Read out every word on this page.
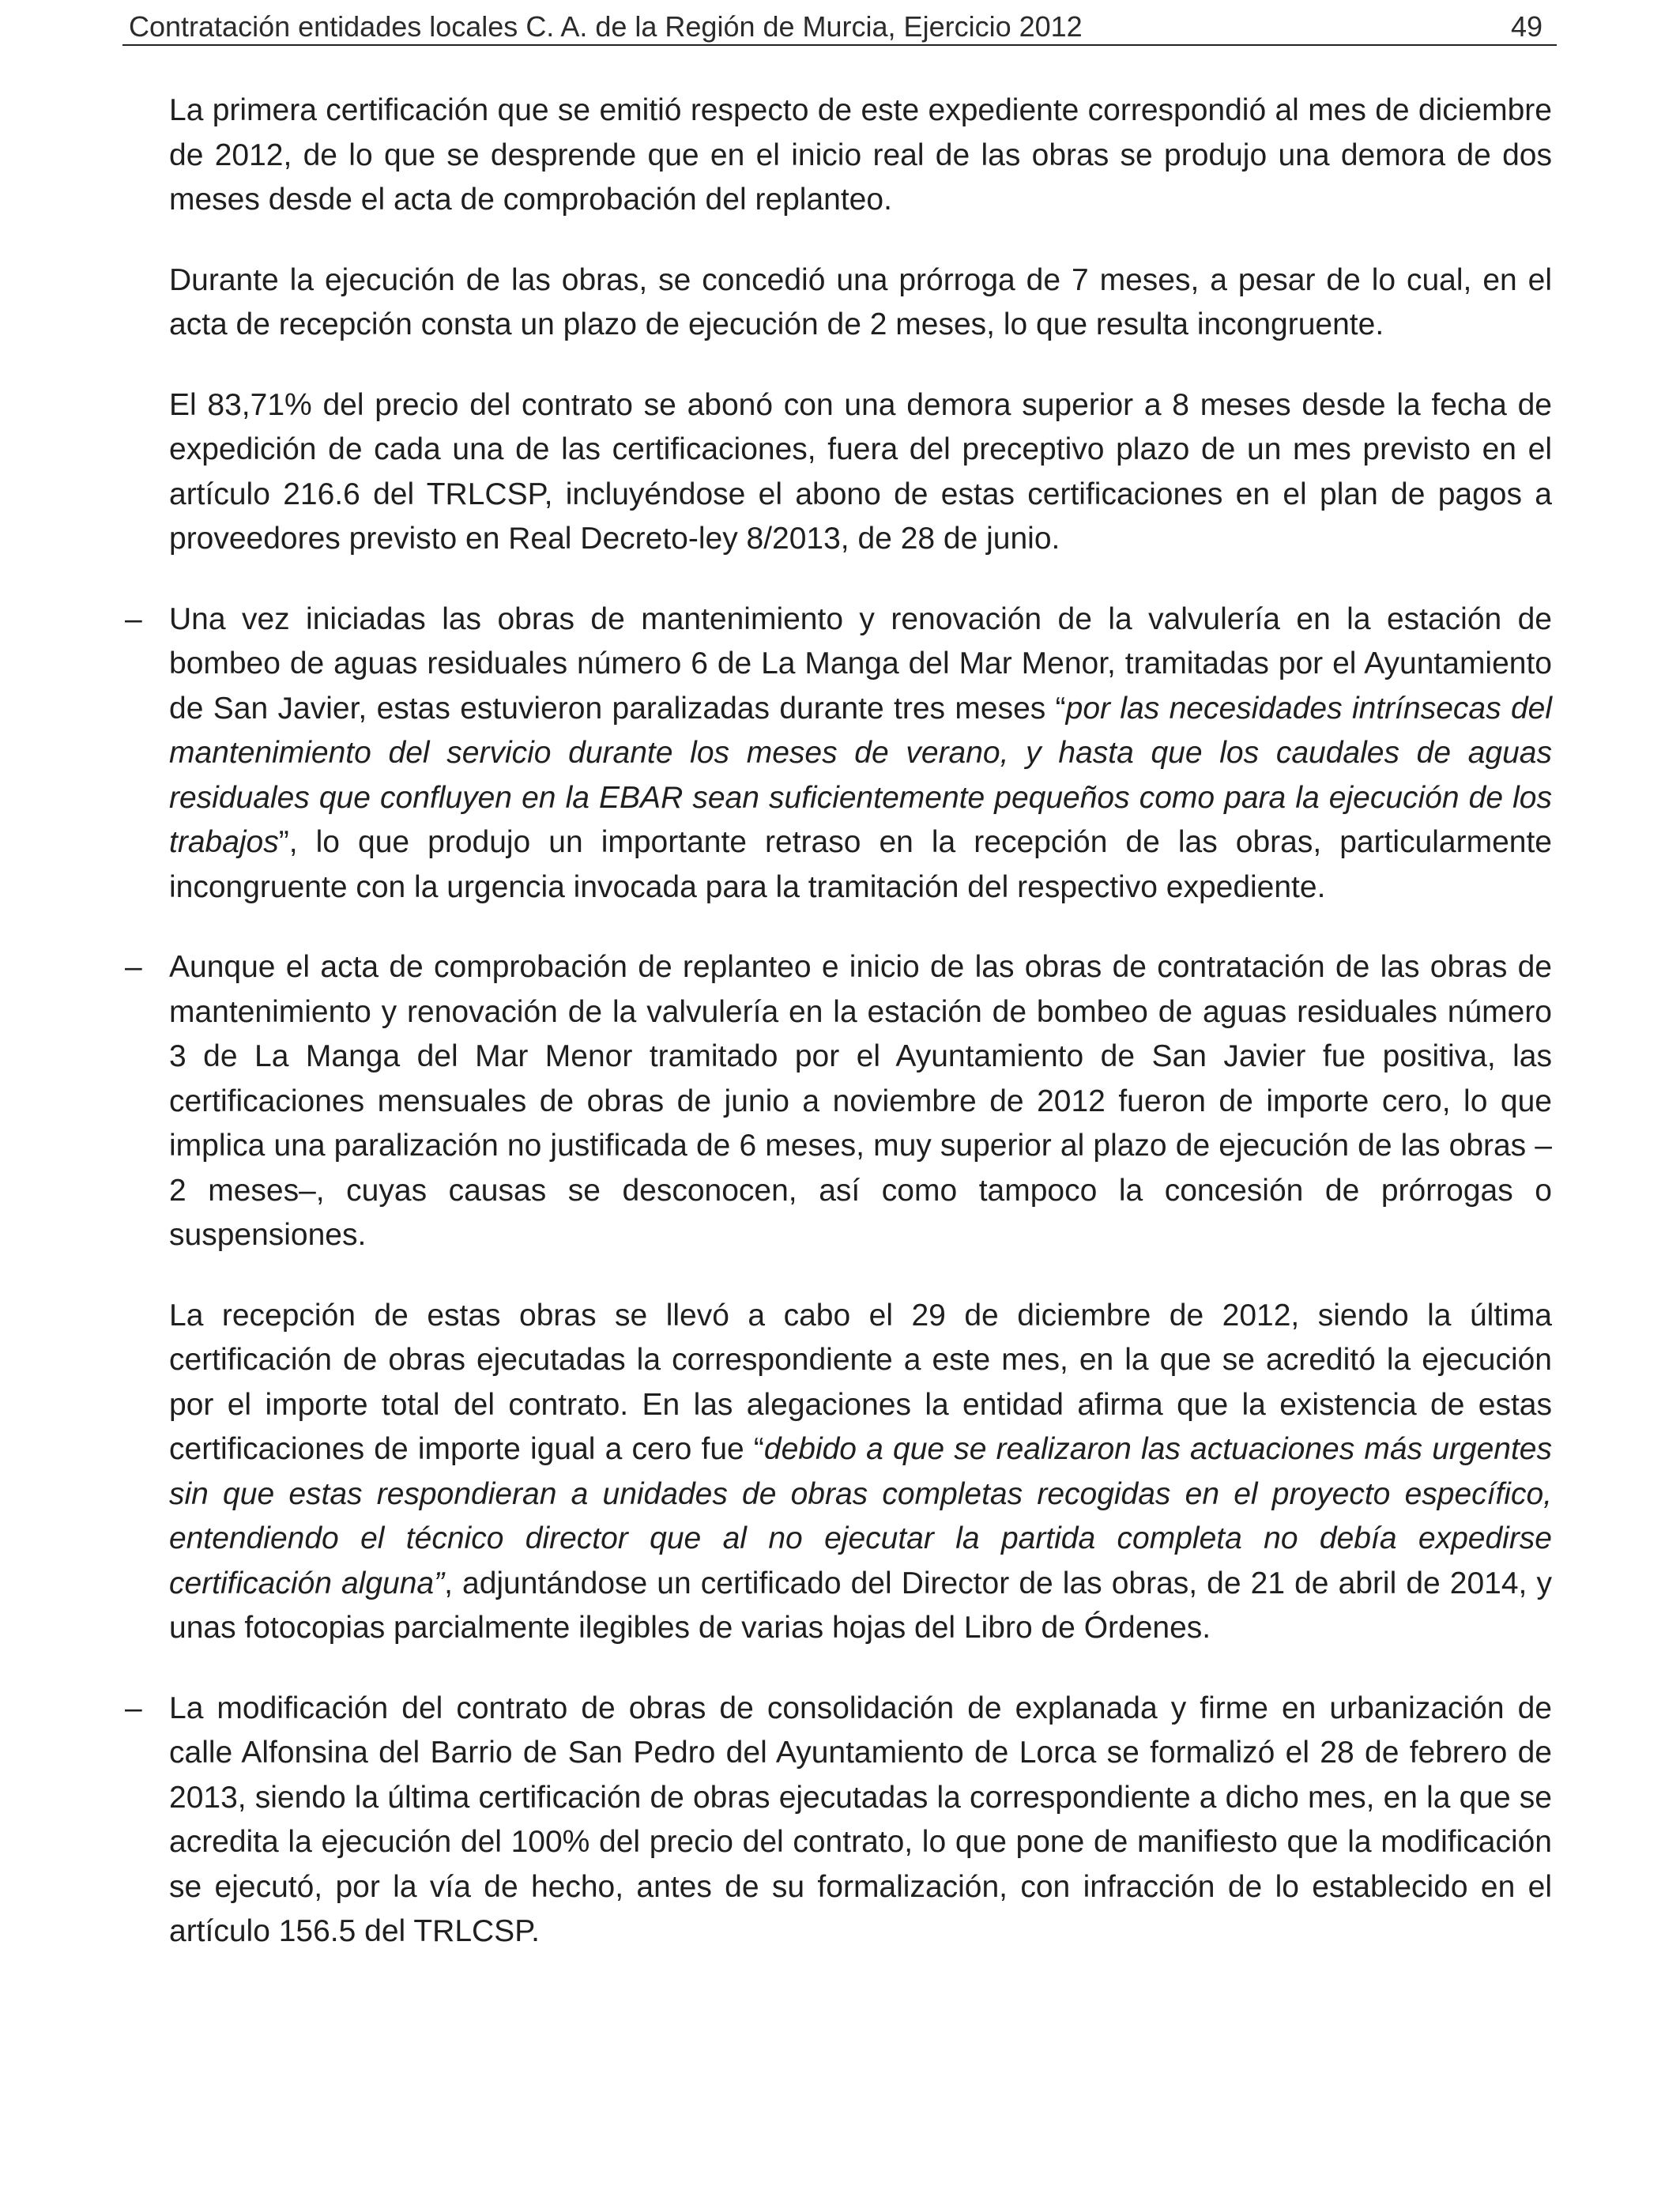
Contratación entidades locales C. A. de la Región de Murcia, Ejercicio 2012	49

La primera certificación que se emitió respecto de este expediente correspondió al mes de diciembre de 2012, de lo que se desprende que en el inicio real de las obras se produjo una demora de dos meses desde el acta de comprobación del replanteo.

Durante la ejecución de las obras, se concedió una prórroga de 7 meses, a pesar de lo cual, en el acta de recepción consta un plazo de ejecución de 2 meses, lo que resulta incongruente.

El 83,71% del precio del contrato se abonó con una demora superior a 8 meses desde la fecha de expedición de cada una de las certificaciones, fuera del preceptivo plazo de un mes previsto en el artículo 216.6 del TRLCSP, incluyéndose el abono de estas certificaciones en el plan de pagos a proveedores previsto en Real Decreto-ley 8/2013, de 28 de junio.

– Una vez iniciadas las obras de mantenimiento y renovación de la valvulería en la estación de bombeo de aguas residuales número 6 de La Manga del Mar Menor, tramitadas por el Ayuntamiento de San Javier, estas estuvieron paralizadas durante tres meses “por las necesidades intrínsecas del mantenimiento del servicio durante los meses de verano, y hasta que los caudales de aguas residuales que confluyen en la EBAR sean suficientemente pequeños como para la ejecución de los trabajos”, lo que produjo un importante retraso en la recepción de las obras, particularmente incongruente con la urgencia invocada para la tramitación del respectivo expediente.

– Aunque el acta de comprobación de replanteo e inicio de las obras de contratación de las obras de mantenimiento y renovación de la valvulería en la estación de bombeo de aguas residuales número 3 de La Manga del Mar Menor tramitado por el Ayuntamiento de San Javier fue positiva, las certificaciones mensuales de obras de junio a noviembre de 2012 fueron de importe cero, lo que implica una paralización no justificada de 6 meses, muy superior al plazo de ejecución de las obras –2 meses–, cuyas causas se desconocen, así como tampoco la concesión de prórrogas o suspensiones.

La recepción de estas obras se llevó a cabo el 29 de diciembre de 2012, siendo la última certificación de obras ejecutadas la correspondiente a este mes, en la que se acreditó la ejecución por el importe total del contrato. En las alegaciones la entidad afirma que la existencia de estas certificaciones de importe igual a cero fue “debido a que se realizaron las actuaciones más urgentes sin que estas respondieran a unidades de obras completas recogidas en el proyecto específico, entendiendo el técnico director que al no ejecutar la partida completa no debía expedirse certificación alguna”, adjuntándose un certificado del Director de las obras, de 21 de abril de 2014, y unas fotocopias parcialmente ilegibles de varias hojas del Libro de Órdenes.

– La modificación del contrato de obras de consolidación de explanada y firme en urbanización de calle Alfonsina del Barrio de San Pedro del Ayuntamiento de Lorca se formalizó el 28 de febrero de 2013, siendo la última certificación de obras ejecutadas la correspondiente a dicho mes, en la que se acredita la ejecución del 100% del precio del contrato, lo que pone de manifiesto que la modificación se ejecutó, por la vía de hecho, antes de su formalización, con infracción de lo establecido en el artículo 156.5 del TRLCSP.
